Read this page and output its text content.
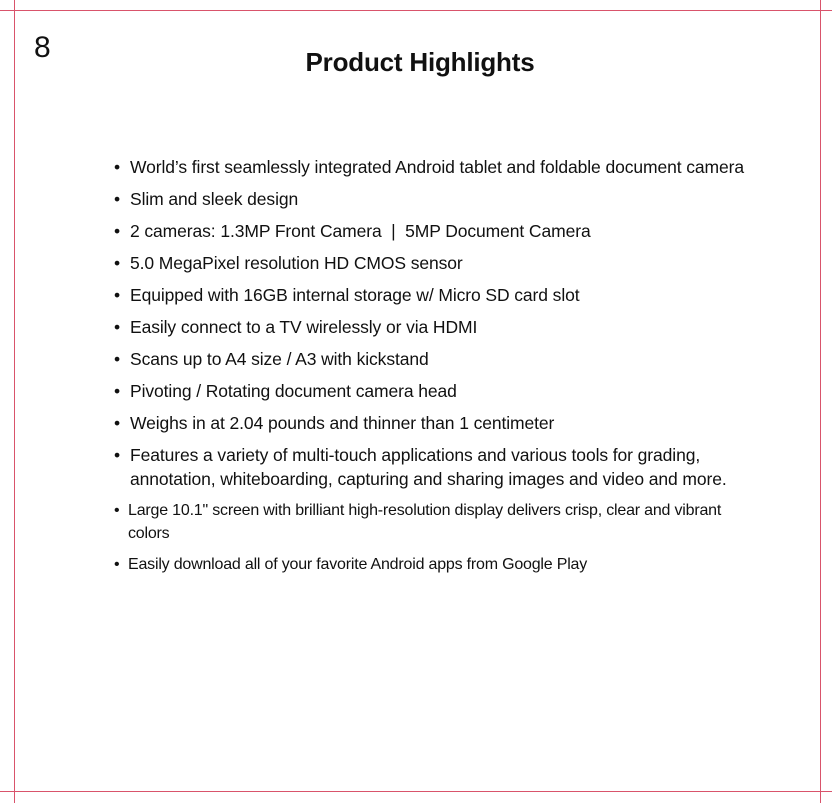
8	Product Highlights
• World’s first seamlessly integrated Android tablet and foldable document camera
• Slim and sleek design
• 2 cameras: 1.3MP Front Camera  |  5MP Document Camera
• 5.0 MegaPixel resolution HD CMOS sensor
• Equipped with 16GB internal storage w/ Micro SD card slot
• Easily connect to a TV wirelessly or via HDMI
• Scans up to A4 size / A3 with kickstand
• Pivoting / Rotating document camera head
• Weighs in at 2.04 pounds and thinner than 1 centimeter
• Features a variety of multi-touch applications and various tools for grading, annotation, whiteboarding, capturing and sharing images and video and more.
• Large 10.1" screen with brilliant high-resolution display delivers crisp, clear and vibrant colors
• Easily download all of your favorite Android apps from Google Play
